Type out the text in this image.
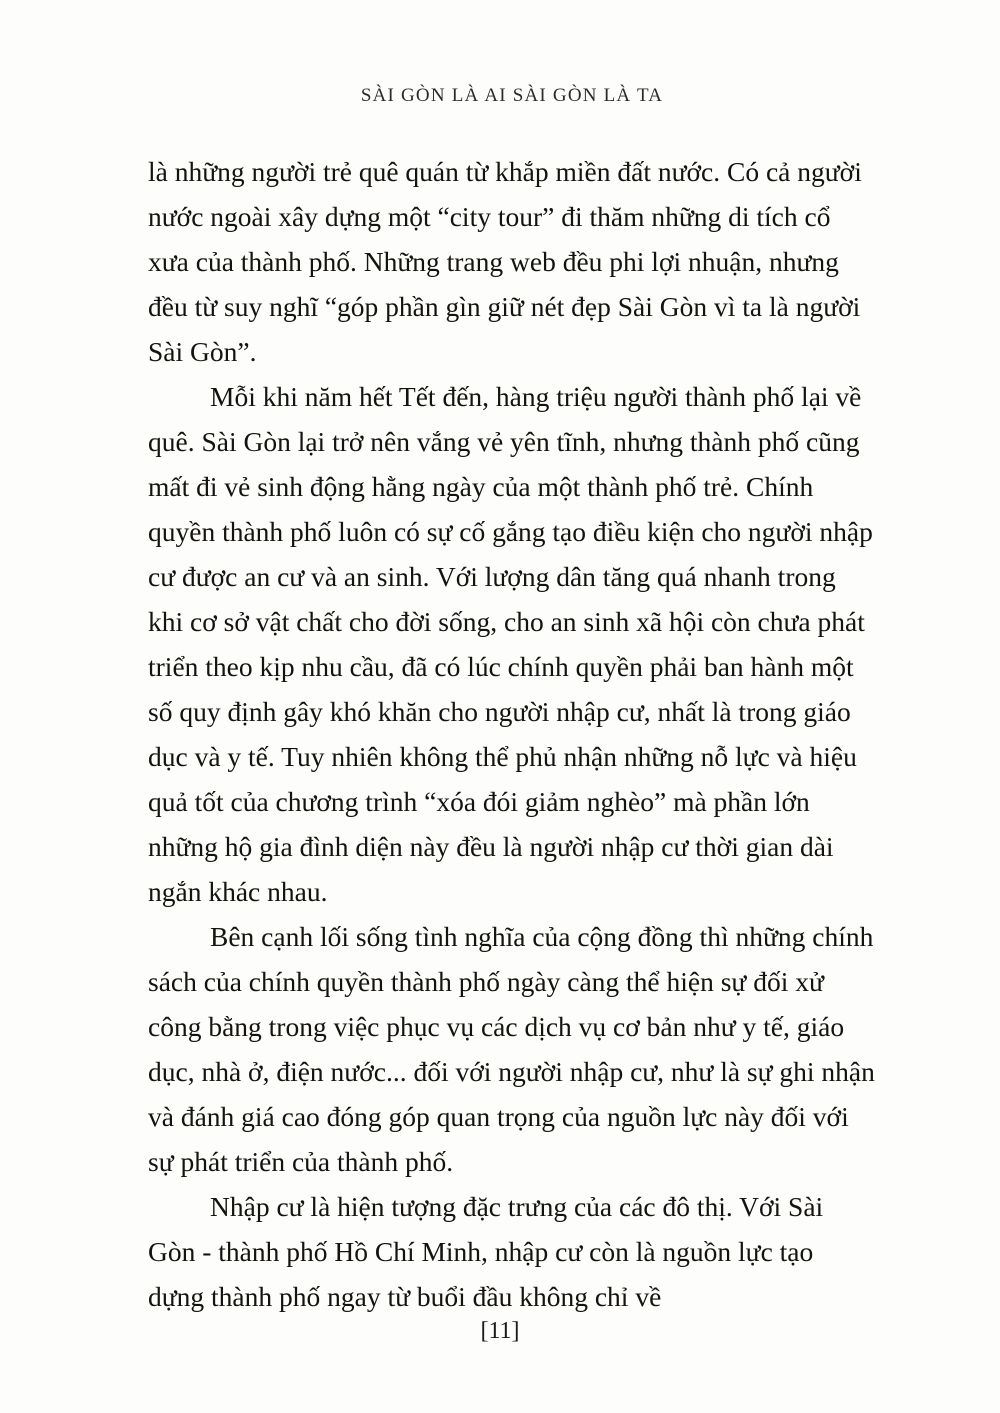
SÀI GÒN LÀ AI SÀI GÒN LÀ TA

là những người trẻ quê quán từ khắp miền đất nước. Có cả người nước ngoài xây dựng một “city tour” đi thăm những di tích cổ xưa của thành phố. Những trang web đều phi lợi nhuận, nhưng đều từ suy nghĩ “góp phần gìn giữ nét đẹp Sài Gòn vì ta là người Sài Gòn”.

Mỗi khi năm hết Tết đến, hàng triệu người thành phố lại về quê. Sài Gòn lại trở nên vắng vẻ yên tĩnh, nhưng thành phố cũng mất đi vẻ sinh động hằng ngày của một thành phố trẻ. Chính quyền thành phố luôn có sự cố gắng tạo điều kiện cho người nhập cư được an cư và an sinh. Với lượng dân tăng quá nhanh trong khi cơ sở vật chất cho đời sống, cho an sinh xã hội còn chưa phát triển theo kịp nhu cầu, đã có lúc chính quyền phải ban hành một số quy định gây khó khăn cho người nhập cư, nhất là trong giáo dục và y tế. Tuy nhiên không thể phủ nhận những nỗ lực và hiệu quả tốt của chương trình “xóa đói giảm nghèo” mà phần lớn những hộ gia đình diện này đều là người nhập cư thời gian dài ngắn khác nhau.

Bên cạnh lối sống tình nghĩa của cộng đồng thì những chính sách của chính quyền thành phố ngày càng thể hiện sự đối xử công bằng trong việc phục vụ các dịch vụ cơ bản như y tế, giáo dục, nhà ở, điện nước... đối với người nhập cư, như là sự ghi nhận và đánh giá cao đóng góp quan trọng của nguồn lực này đối với sự phát triển của thành phố.

Nhập cư là hiện tượng đặc trưng của các đô thị. Với Sài Gòn - thành phố Hồ Chí Minh, nhập cư còn là nguồn lực tạo dựng thành phố ngay từ buổi đầu không chỉ về

[11]
